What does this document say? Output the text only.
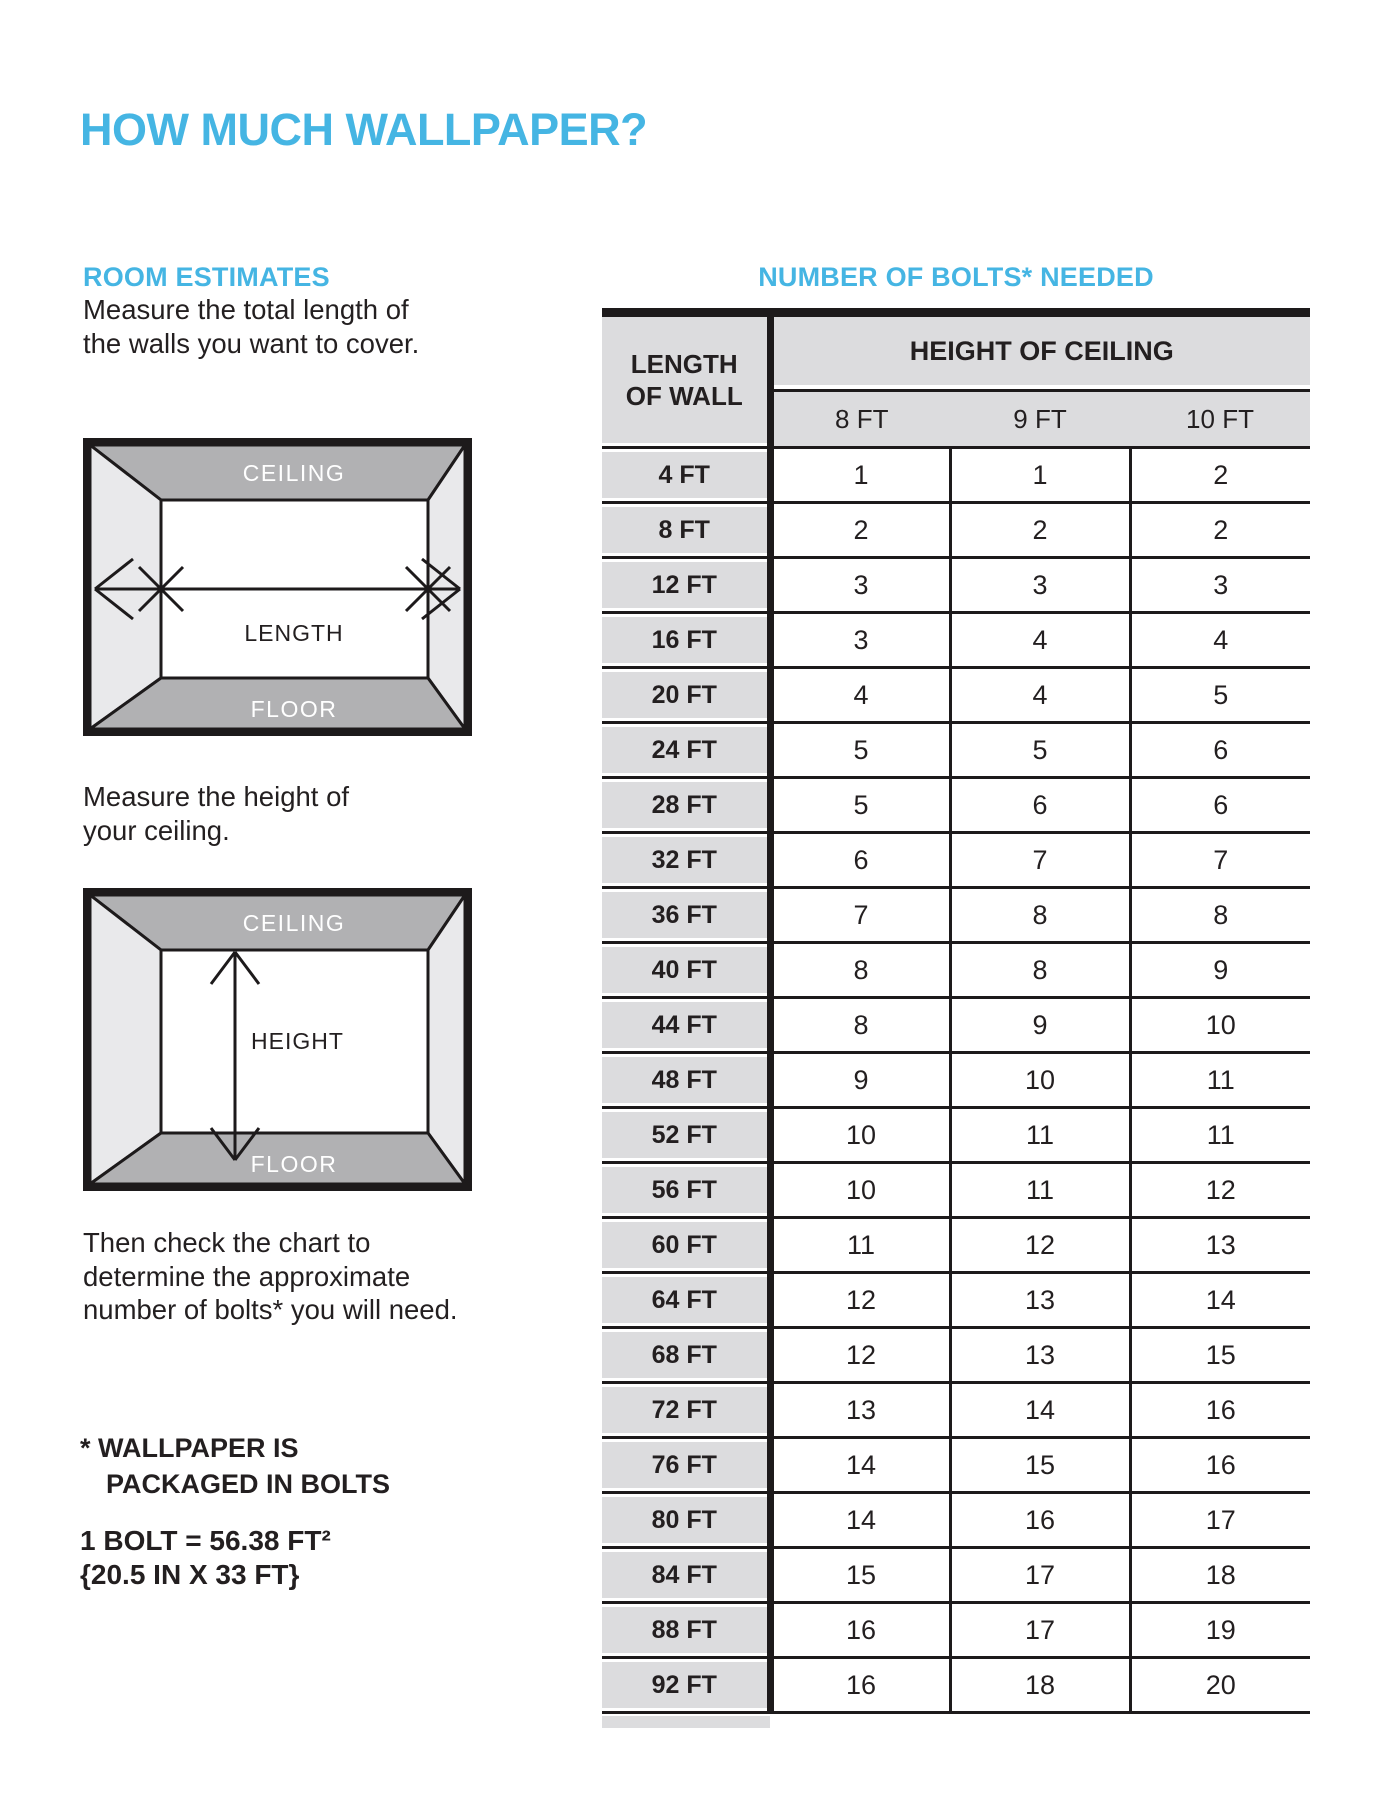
HOW MUCH WALLPAPER?
ROOM ESTIMATES
Measure the total length of
the walls you want to cover.
CEILING
FLOOR
LENGTH
Measure the height of
your ceiling.
CEILING
FLOOR
HEIGHT
Then check the chart to
determine the approximate
number of bolts* you will need.
* WALLPAPER IS
PACKAGED IN BOLTS
1 BOLT = 56.38 FT²
{20.5 IN X 33 FT}
NUMBER OF BOLTS* NEEDED
LENGTH
OF WALL	HEIGHT OF CEILING		

	8 FT	9 FT	10 FT

4 FT	1	1	2

8 FT	2	2	2

12 FT	3	3	3

16 FT	3	4	4

20 FT	4	4	5

24 FT	5	5	6

28 FT	5	6	6

32 FT	6	7	7

36 FT	7	8	8

40 FT	8	8	9

44 FT	8	9	10

48 FT	9	10	11

52 FT	10	11	11

56 FT	10	11	12

60 FT	11	12	13

64 FT	12	13	14

68 FT	12	13	15

72 FT	13	14	16

76 FT	14	15	16

80 FT	14	16	17

84 FT	15	17	18

88 FT	16	17	19

92 FT	16	18	20
